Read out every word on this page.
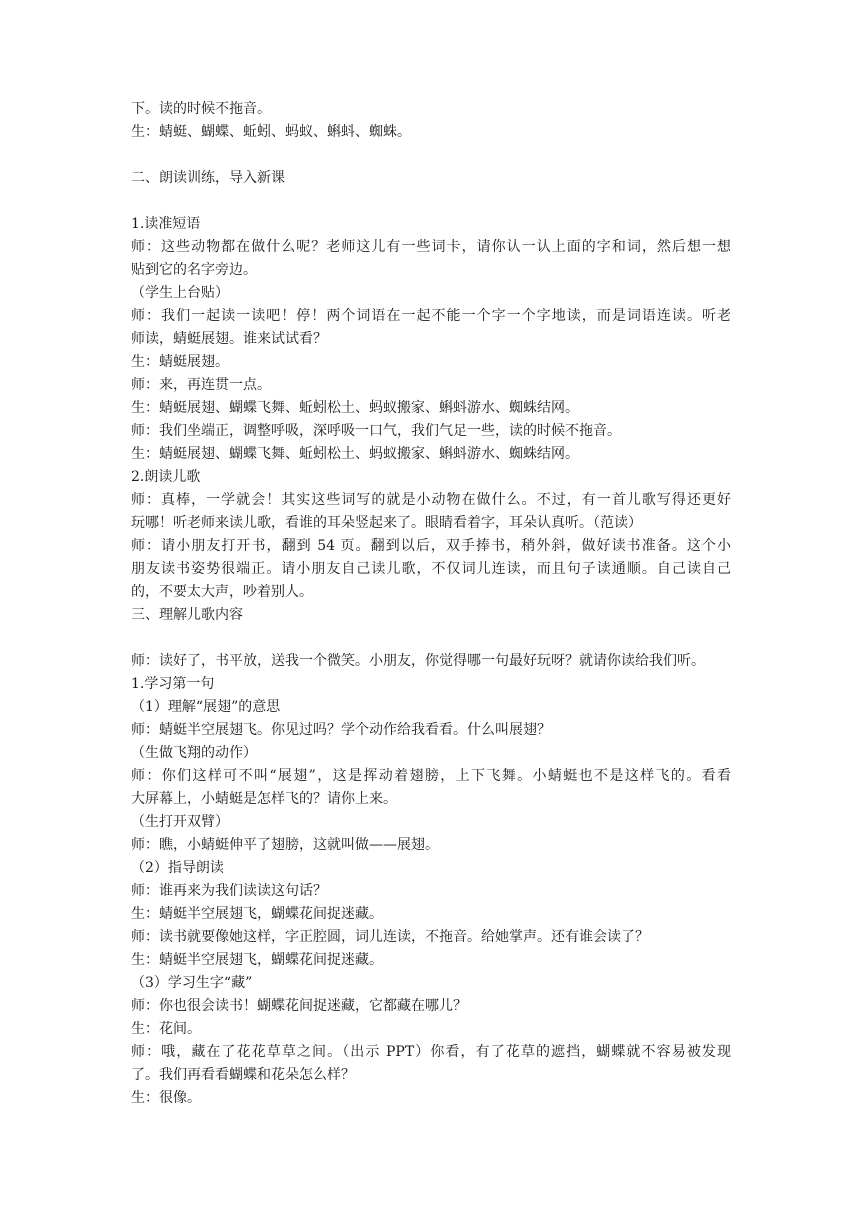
下。读的时候不拖音。
生：蜻蜓、蝴蝶、蚯蚓、蚂蚁、蝌蚪、蜘蛛。
二、朗读训练，导入新课
1.读准短语
师：这些动物都在做什么呢？老师这儿有一些词卡，请你认一认上面的字和词，然后想一想
贴到它的名字旁边。
（学生上台贴）
师：我们一起读一读吧！停！两个词语在一起不能一个字一个字地读，而是词语连读。听老
师读，蜻蜓展翅。谁来试试看？
生：蜻蜓展翅。
师：来，再连贯一点。
生：蜻蜓展翅、蝴蝶飞舞、蚯蚓松土、蚂蚁搬家、蝌蚪游水、蜘蛛结网。
师：我们坐端正，调整呼吸，深呼吸一口气，我们气足一些，读的时候不拖音。
生：蜻蜓展翅、蝴蝶飞舞、蚯蚓松土、蚂蚁搬家、蝌蚪游水、蜘蛛结网。
2.朗读儿歌
师：真棒，一学就会！其实这些词写的就是小动物在做什么。不过，有一首儿歌写得还更好
玩哪！听老师来读儿歌，看谁的耳朵竖起来了。眼睛看着字，耳朵认真听。（范读）
师：请小朋友打开书，翻到 54 页。翻到以后，双手捧书，稍外斜，做好读书准备。这个小
朋友读书姿势很端正。请小朋友自己读儿歌，不仅词儿连读，而且句子读通顺。自己读自己
的，不要太大声，吵着别人。
三、理解儿歌内容
师：读好了，书平放，送我一个微笑。小朋友，你觉得哪一句最好玩呀？就请你读给我们听。
1.学习第一句
（1）理解“展翅”的意思
师：蜻蜓半空展翅飞。你见过吗？学个动作给我看看。什么叫展翅？
（生做飞翔的动作）
师：你们这样可不叫“展翅”，这是挥动着翅膀，上下飞舞。小蜻蜓也不是这样飞的。看看
大屏幕上，小蜻蜓是怎样飞的？请你上来。
（生打开双臂）
师：瞧，小蜻蜓伸平了翅膀，这就叫做——展翅。
（2）指导朗读
师：谁再来为我们读读这句话？
生：蜻蜓半空展翅飞，蝴蝶花间捉迷藏。
师：读书就要像她这样，字正腔圆，词儿连读，不拖音。给她掌声。还有谁会读了？
生：蜻蜓半空展翅飞，蝴蝶花间捉迷藏。
（3）学习生字“藏”
师：你也很会读书！蝴蝶花间捉迷藏，它都藏在哪儿？
生：花间。
师：哦，藏在了花花草草之间。（出示 PPT）你看，有了花草的遮挡，蝴蝶就不容易被发现
了。我们再看看蝴蝶和花朵怎么样？
生：很像。
